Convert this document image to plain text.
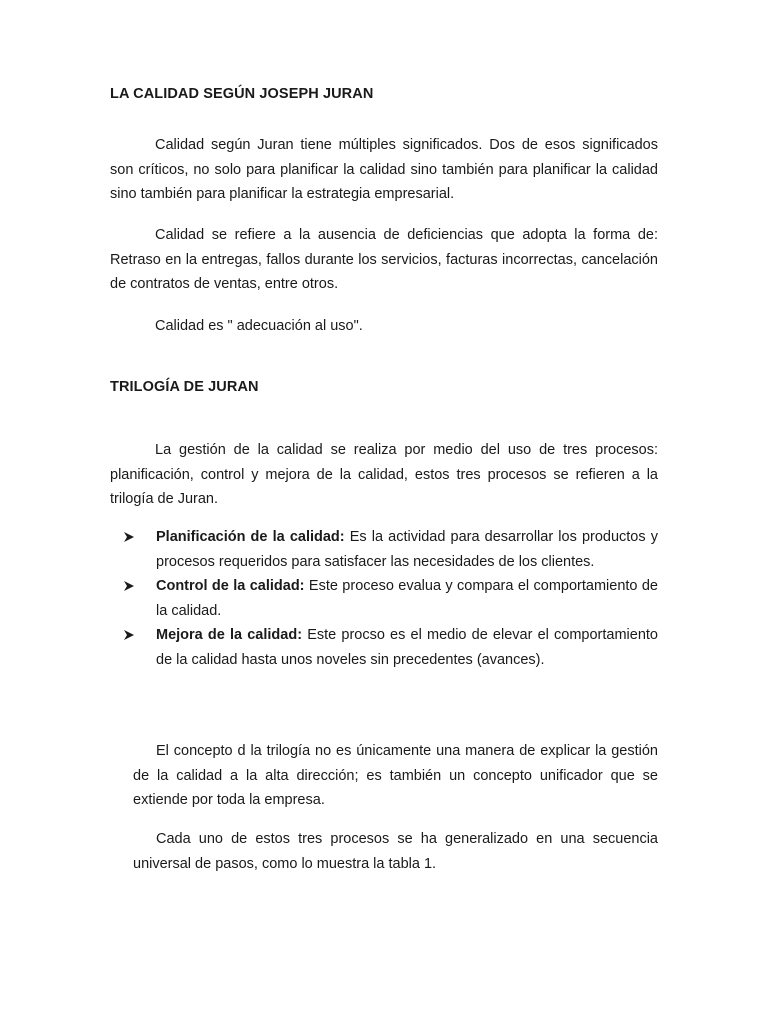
LA CALIDAD SEGÚN JOSEPH JURAN

Calidad según Juran tiene múltiples significados. Dos de esos significados son críticos, no solo para planificar la calidad sino también para planificar la calidad sino también para planificar la estrategia empresarial.

Calidad se refiere a la ausencia de deficiencias que adopta la forma de: Retraso en la entregas, fallos durante los servicios, facturas incorrectas, cancelación de contratos de ventas, entre otros.

Calidad es " adecuación al uso".

TRILOGÍA DE JURAN

La gestión de la calidad se realiza por medio del uso de tres procesos: planificación, control y mejora de la calidad, estos tres procesos se refieren a la trilogía de Juran.

Planificación de la calidad: Es la actividad para desarrollar los productos y procesos requeridos para satisfacer las necesidades de los clientes.
Control de la calidad: Este proceso evalua y compara el comportamiento de la calidad.
Mejora de la calidad: Este procso es el medio de elevar el comportamiento de la calidad hasta unos noveles sin precedentes (avances).

El concepto d la trilogía no es únicamente una manera de explicar la gestión de la calidad a la alta dirección; es también un concepto unificador que se extiende por toda la empresa.

Cada uno de estos tres procesos se ha generalizado en una secuencia universal de pasos, como lo muestra la tabla 1.
